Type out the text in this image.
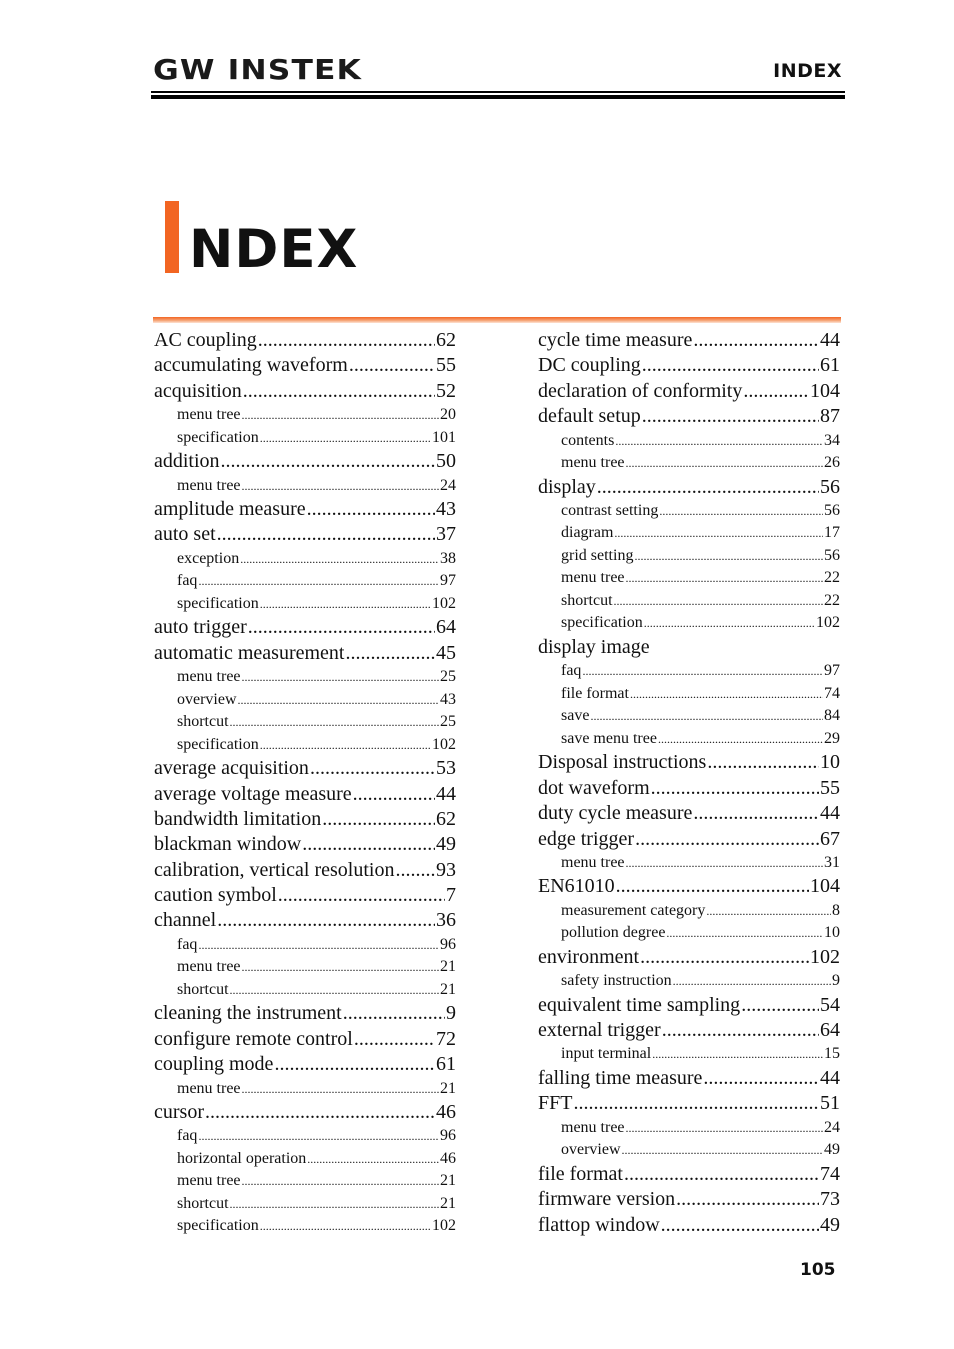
GW INSTEK	INDEX
NDEX
AC coupling .....	62
accumulating waveform .....	55
acquisition .....	52
menu tree .....	20
specification .....	101
addition .....	50
menu tree .....	24
amplitude measure .....	43
auto set .....	37
exception .....	38
faq .....	97
specification .....	102
auto trigger .....	64
automatic measurement .....	45
menu tree .....	25
overview .....	43
shortcut .....	25
specification .....	102
average acquisition .....	53
average voltage measure .....	44
bandwidth limitation .....	62
blackman window .....	49
calibration, vertical resolution ..... 93
caution symbol .....	7
channel .....	36
faq .....	96
menu tree .....	21
shortcut .....	21
cleaning the instrument .....	9
configure remote control .....	72
coupling mode .....	61
menu tree .....	21
cursor .....	46
faq .....	96
horizontal operation .....	46
menu tree .....	21
shortcut .....	21
specification .....	102
cycle time measure .....	44
DC coupling .....	61
declaration of conformity .....	104
default setup .....	87
contents .....	34
menu tree .....	26
display .....	56
contrast setting .....	56
diagram .....	17
grid setting .....	56
menu tree .....	22
shortcut .....	22
specification .....	102
display image
faq .....	97
file format .....	74
save .....	84
save menu tree .....	29
Disposal instructions .....	10
dot waveform .....	55
duty cycle measure .....	44
edge trigger .....	67
menu tree .....	31
EN61010 .....	104
measurement category .....	8
pollution degree .....	10
environment .....	102
safety instruction .....	9
equivalent time sampling .....	54
external trigger .....	64
input terminal .....	15
falling time measure .....	44
FFT .....	51
menu tree .....	24
overview .....	49
file format .....	74
firmware version .....	73
flattop window .....	49
105
